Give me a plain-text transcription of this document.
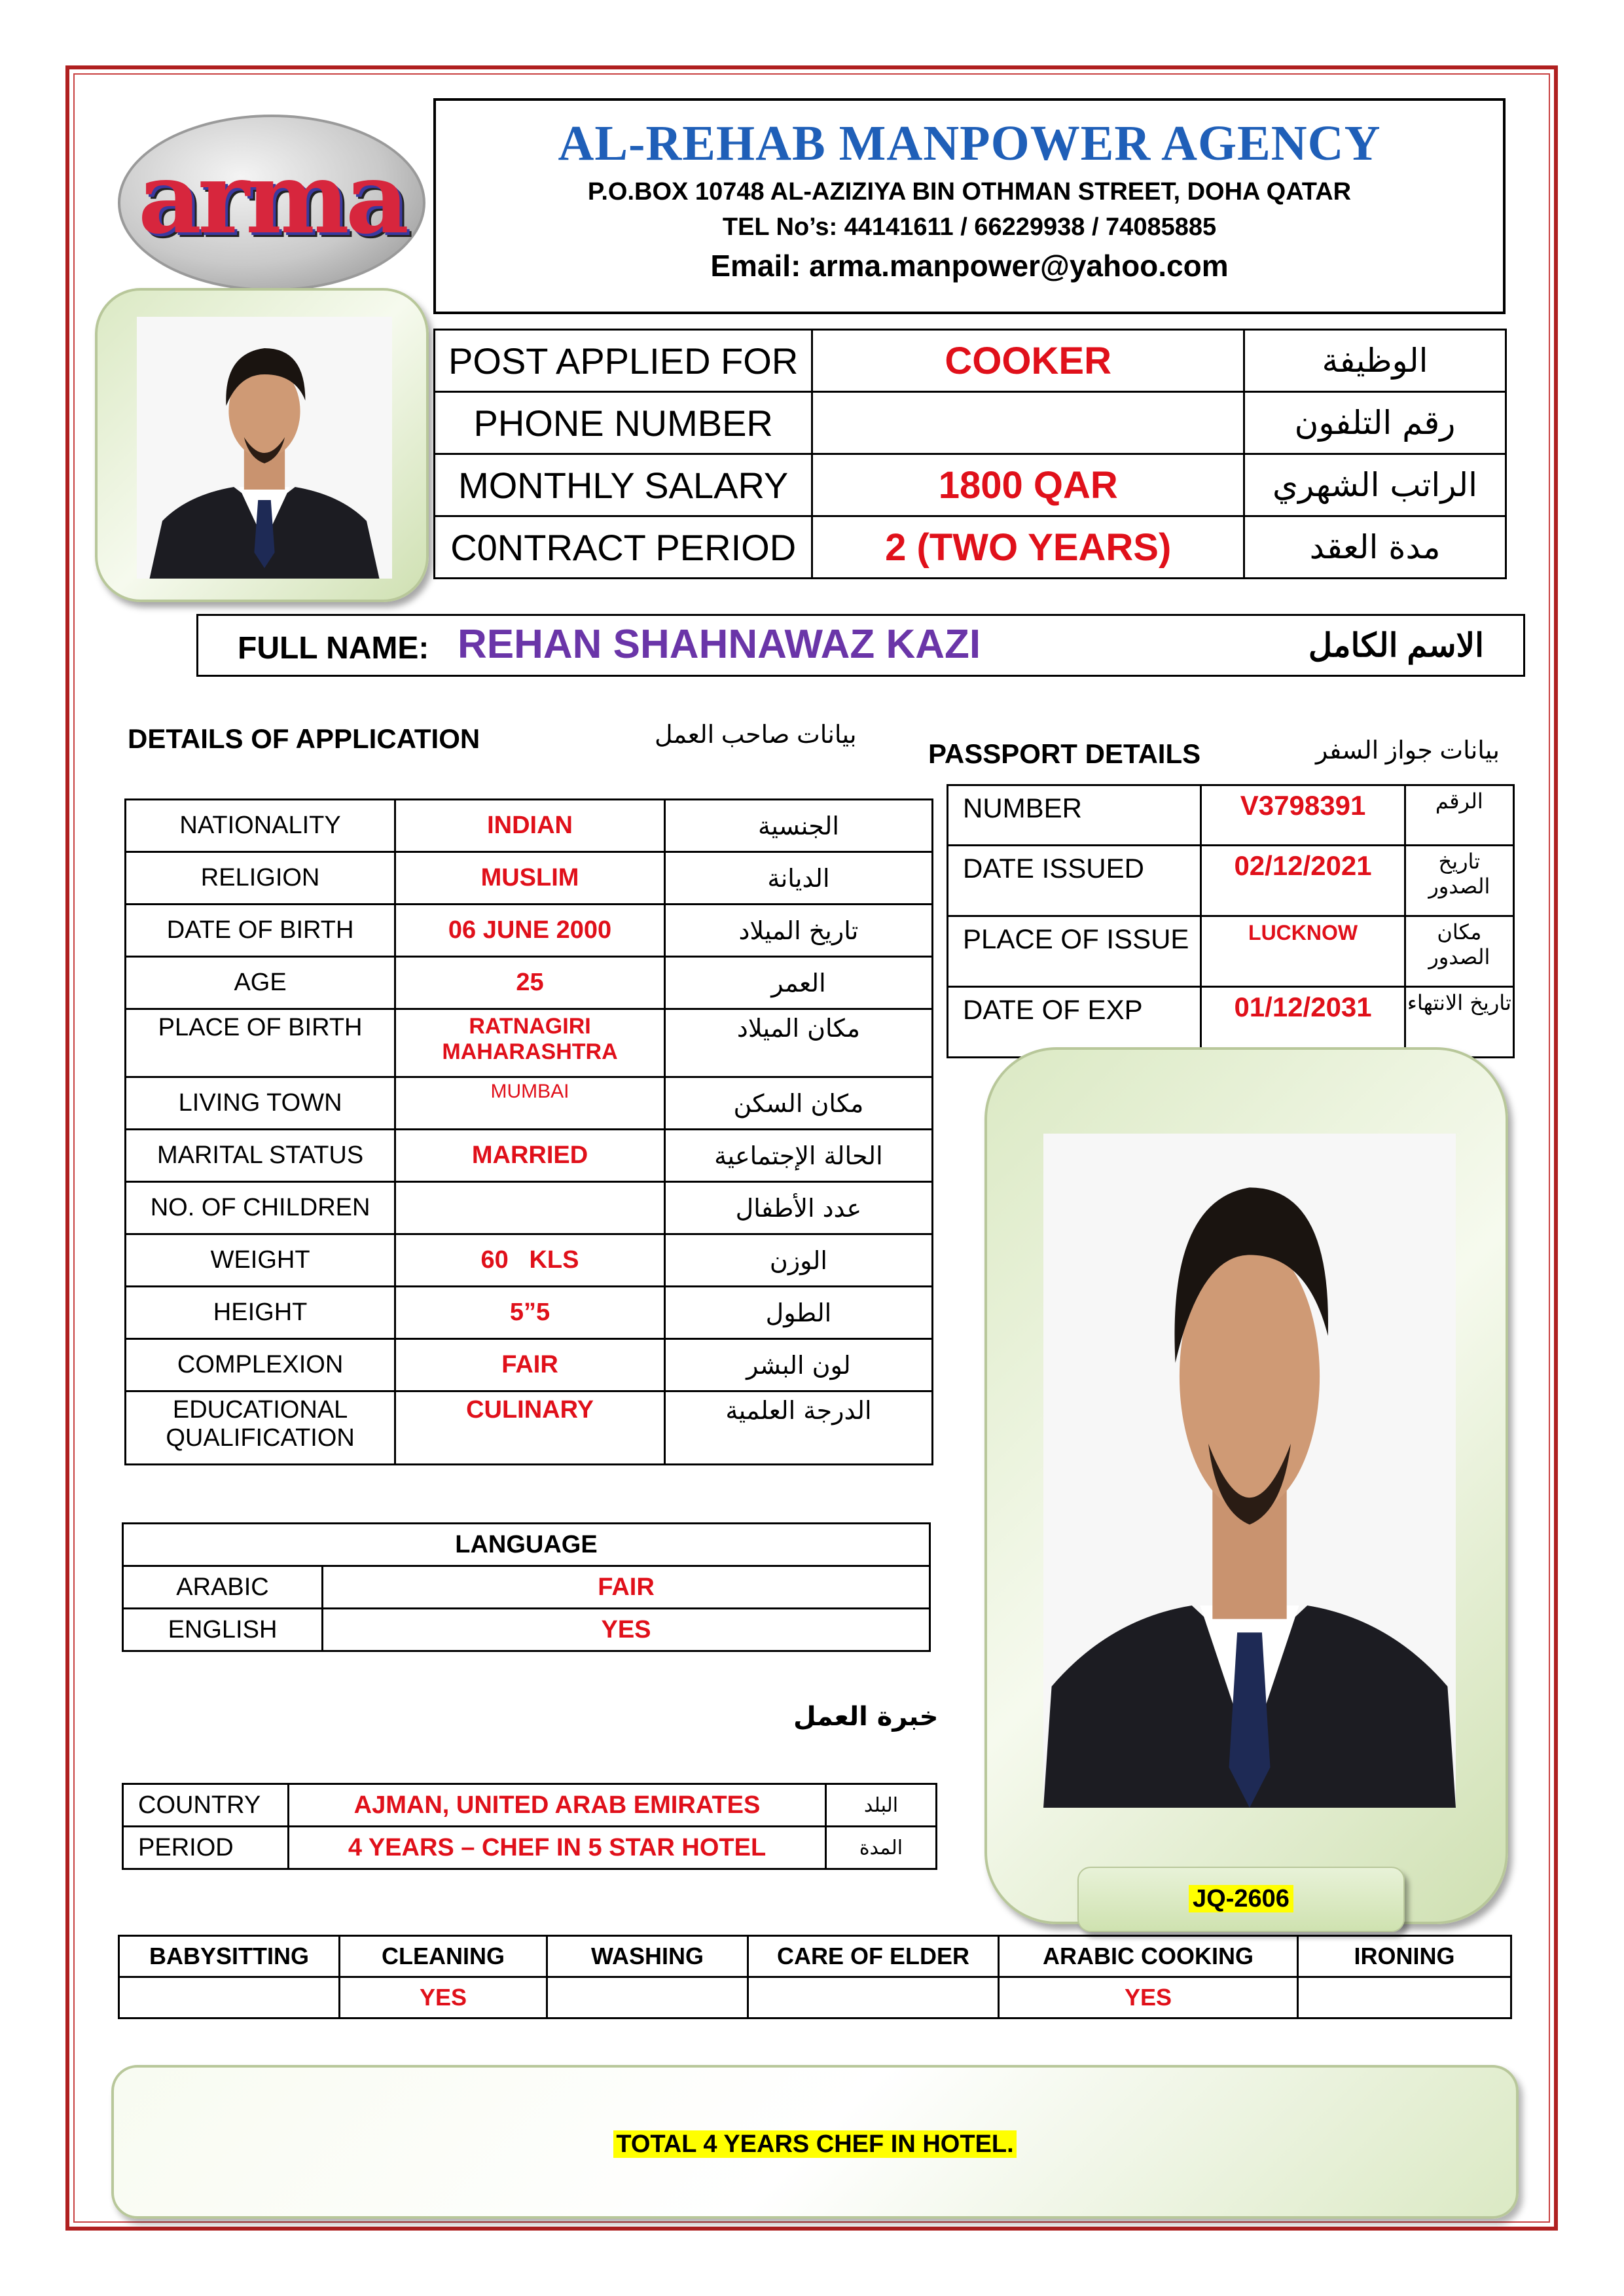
arma	AL-REHAB MANPOWER AGENCY
P.O.BOX 10748 AL-AZIZIYA BIN OTHMAN STREET, DOHA QATAR
TEL No’s: 44141611 / 66229938 / 74085885
Email: arma.manpower@yahoo.com
POST APPLIED FOR	COOKER	الوظيفة
PHONE NUMBER		رقم التلفون
MONTHLY SALARY	1800 QAR	الراتب الشهري
C0NTRACT PERIOD	2 (TWO YEARS)	مدة العقد
FULL NAME: REHAN SHAHNAWAZ KAZI	الاسم الكامل
DETAILS OF APPLICATION	بيانات صاحب العمل
NATIONALITY	INDIAN	الجنسية
RELIGION	MUSLIM	الديانة
DATE OF BIRTH	06 JUNE 2000	تاريخ الميلاد
AGE	25	العمر
PLACE OF BIRTH	RATNAGIRI MAHARASHTRA	مكان الميلاد
LIVING TOWN	MUMBAI	مكان السكن
MARITAL STATUS	MARRIED	الحالة الإجتماعية
NO. OF CHILDREN		عدد الأطفال
WEIGHT	60   KLS	الوزن
HEIGHT	5”5	الطول
COMPLEXION	FAIR	لون البشر
EDUCATIONAL QUALIFICATION	CULINARY	الدرجة العلمية
PASSPORT DETAILS	بيانات جواز السفر
NUMBER	V3798391	الرقم
DATE ISSUED	02/12/2021	تاريخ الصدور
PLACE OF ISSUE	LUCKNOW	مكان الصدور
DATE OF EXP	01/12/2031	تاريخ الانتهاء
JQ-2606
LANGUAGE	
ARABIC	FAIR
ENGLISH	YES
خبرة العمل
COUNTRY	AJMAN, UNITED ARAB EMIRATES	البلد
PERIOD	4 YEARS – CHEF IN 5 STAR HOTEL	المدة
BABYSITTING	CLEANING	WASHING	CARE OF ELDER	ARABIC COOKING	IRONING
	YES			YES	
TOTAL 4 YEARS CHEF IN HOTEL.
